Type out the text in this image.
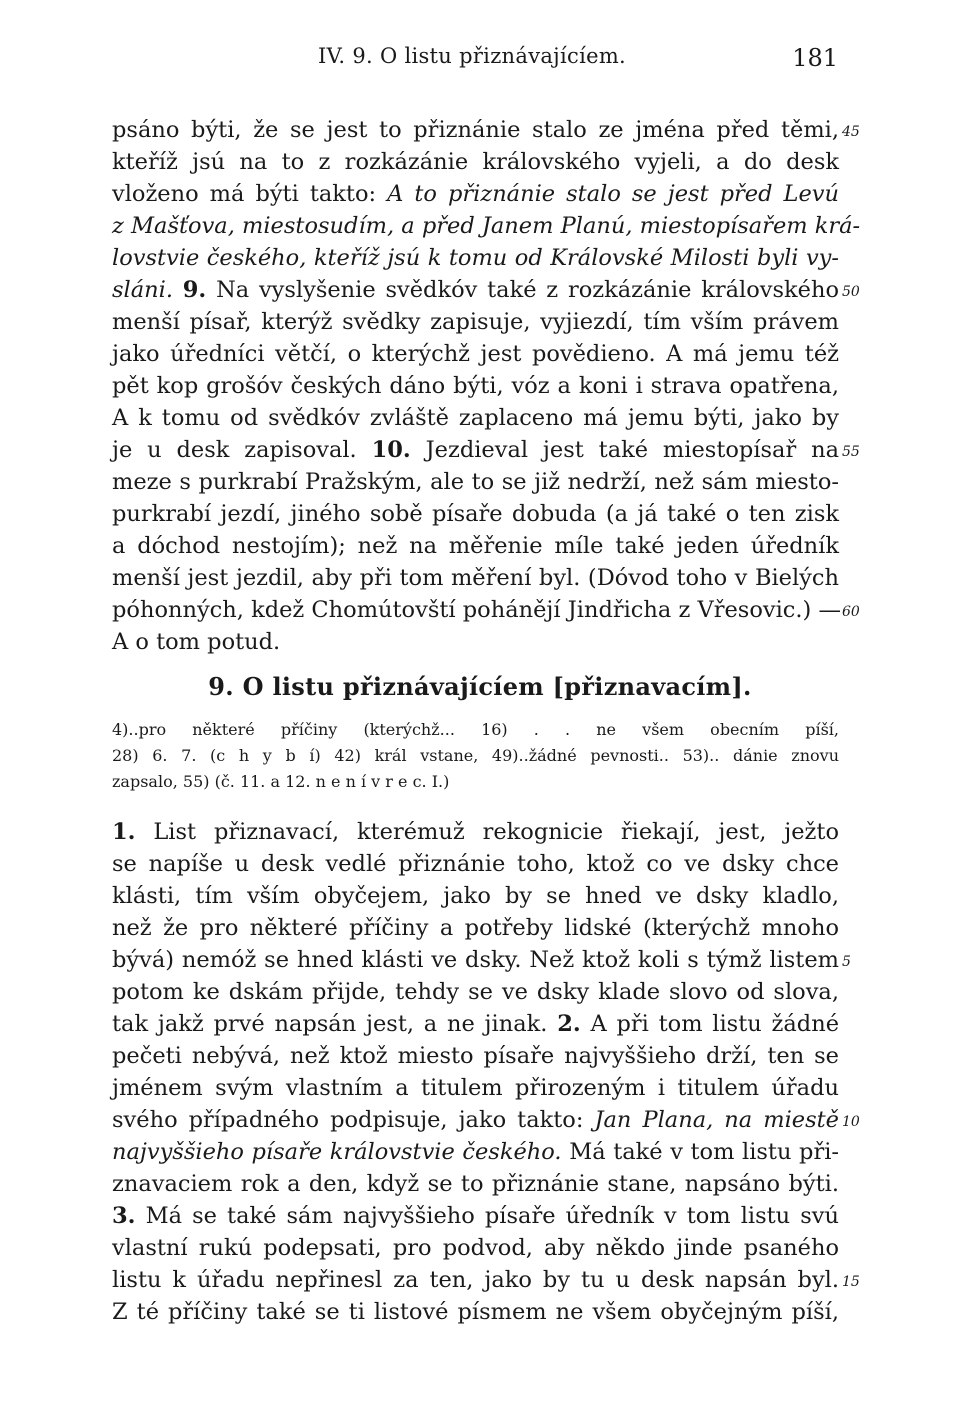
IV. 9. O listu přiznávajícíem.	181
psáno býti, že se jest to přiznánie stalo ze jména před těmi, 45
kteříž jsú na to z rozkázánie královského vyjeli, a do desk
vloženo má býti takto: A to přiznánie stalo se jest před Levú
z Mašťova, miestosudím, a před Janem Planú, miestopísařem krá-
lovstvie českého, kteříž jsú k tomu od Královské Milosti byli vy-
sláni. 9. Na vyslyšenie svědkóv také z rozkázánie královského 50
menší písař, kterýž svědky zapisuje, vyjiezdí, tím vším právem
jako úředníci větčí, o kterýchž jest povědieno. A má jemu též
pět kop grošóv českých dáno býti, vóz a koni i strava opatřena,
A k tomu od svědkóv zvláště zaplaceno má jemu býti, jako by
je u desk zapisoval. 10. Jezdieval jest také miestopísař na 55
meze s purkrabí Pražským, ale to se již nedrží, než sám miesto-
purkrabí jezdí, jiného sobě písaře dobuda (a já také o ten zisk
a dóchod nestojím); než na měřenie míle také jeden úředník
menší jest jezdil, aby při tom měření byl. (Dóvod toho v Bielých
póhonných, kdež Chomútovští pohánějí Jindřicha z Vřesovic.) — 60
A o tom potud.
9. O listu přiznávajícíem [přiznavacím].
4)..pro některé příčiny (kterýchž... 16) . . ne všem obecním píší,
28) 6. 7. (c h y b í) 42) král vstane, 49)..žádné pevnosti.. 53).. dánie znovu
zapsalo, 55) (č. 11. a 12. n e n í v r e c. I.)
1. List přiznavací, kterémuž rekognicie řiekají, jest, ježto
se napíše u desk vedlé přiznánie toho, ktož co ve dsky chce
klásti, tím vším obyčejem, jako by se hned ve dsky kladlo,
než že pro některé příčiny a potřeby lidské (kterýchž mnoho
bývá) nemóž se hned klásti ve dsky. Než ktož koli s týmž listem 5
potom ke dskám přijde, tehdy se ve dsky klade slovo od slova,
tak jakž prvé napsán jest, a ne jinak. 2. A při tom listu žádné
pečeti nebývá, než ktož miesto písaře najvyššieho drží, ten se
jménem svým vlastním a titulem přirozeným i titulem úřadu
svého případného podpisuje, jako takto: Jan Plana, na miestě 10
najvyššieho písaře královstvie českého. Má také v tom listu při-
znavaciem rok a den, když se to přiznánie stane, napsáno býti.
3. Má se také sám najvyššieho písaře úředník v tom listu svú
vlastní rukú podepsati, pro podvod, aby někdo jinde psaného
listu k úřadu nepřinesl za ten, jako by tu u desk napsán byl. 15
Z té příčiny také se ti listové písmem ne všem obyčejným píší,
